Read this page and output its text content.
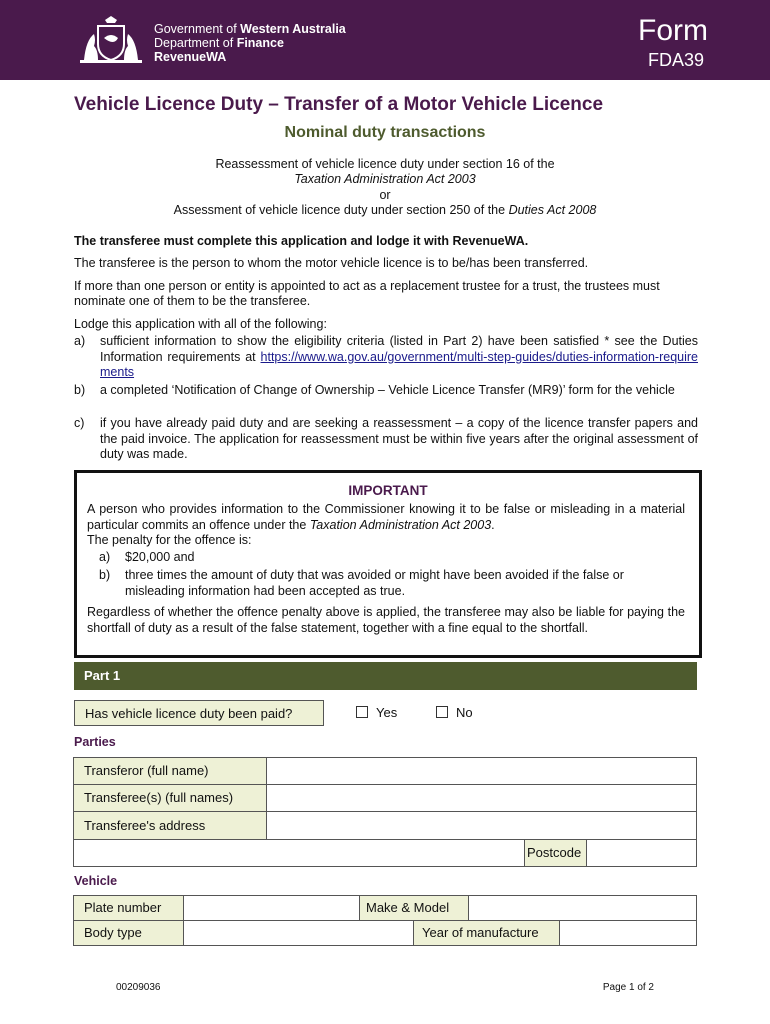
Government of Western Australia
Department of Finance
RevenueWA
Form
FDA39
Vehicle Licence Duty – Transfer of a Motor Vehicle Licence
Nominal duty transactions
Reassessment of vehicle licence duty under section 16 of the
Taxation Administration Act 2003
or
Assessment of vehicle licence duty under section 250 of the Duties Act 2008
The transferee must complete this application and lodge it with RevenueWA.
The transferee is the person to whom the motor vehicle licence is to be/has been transferred.
If more than one person or entity is appointed to act as a replacement trustee for a trust, the trustees must nominate one of them to be the transferee.
Lodge this application with all of the following:
a) sufficient information to show the eligibility criteria (listed in Part 2) have been satisfied * see the Duties Information requirements at https://www.wa.gov.au/government/multi-step-guides/duties-information-requirements
b) a completed ‘Notification of Change of Ownership – Vehicle Licence Transfer (MR9)’ form for the vehicle
c) if you have already paid duty and are seeking a reassessment – a copy of the licence transfer papers and the paid invoice. The application for reassessment must be within five years after the original assessment of duty was made.
IMPORTANT
A person who provides information to the Commissioner knowing it to be false or misleading in a material particular commits an offence under the Taxation Administration Act 2003.
The penalty for the offence is:
a) $20,000 and
b) three times the amount of duty that was avoided or might have been avoided if the false or misleading information had been accepted as true.
Regardless of whether the offence penalty above is applied, the transferee may also be liable for paying the shortfall of duty as a result of the false statement, together with a fine equal to the shortfall.
Part 1
Has vehicle licence duty been paid?	Yes	No
Parties
Transferor (full name)
Transferee(s) (full names)
Transferee's address
Postcode
Vehicle
Plate number	Make & Model
Body type	Year of manufacture
00209036	Page 1 of 2
